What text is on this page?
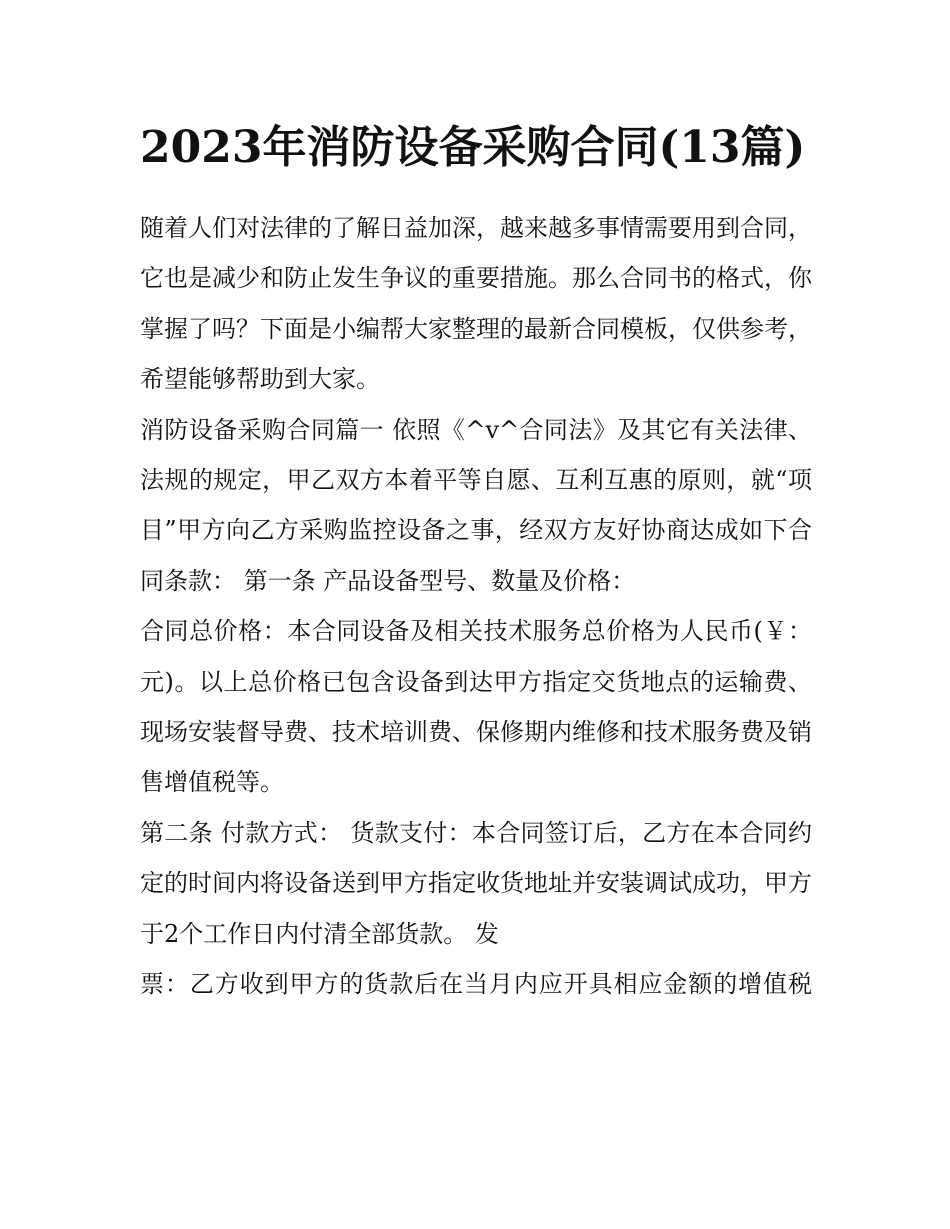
2023年消防设备采购合同(13篇)

随着人们对法律的了解日益加深，越来越多事情需要用到合同，它也是减少和防止发生争议的重要措施。那么合同书的格式，你掌握了吗？下面是小编帮大家整理的最新合同模板，仅供参考，希望能够帮助到大家。

消防设备采购合同篇一 依照《^v^合同法》及其它有关法律、法规的规定，甲乙双方本着平等自愿、互利互惠的原则，就“项目”甲方向乙方采购监控设备之事，经双方友好协商达成如下合同条款： 第一条 产品设备型号、数量及价格：

合同总价格：本合同设备及相关技术服务总价格为人民币(￥：元)。以上总价格已包含设备到达甲方指定交货地点的运输费、现场安装督导费、技术培训费、保修期内维修和技术服务费及销售增值税等。

第二条 付款方式： 货款支付：本合同签订后，乙方在本合同约定的时间内将设备送到甲方指定收货地址并安装调试成功，甲方于2个工作日内付清全部货款。 发

票：乙方收到甲方的货款后在当月内应开具相应金额的增值税
